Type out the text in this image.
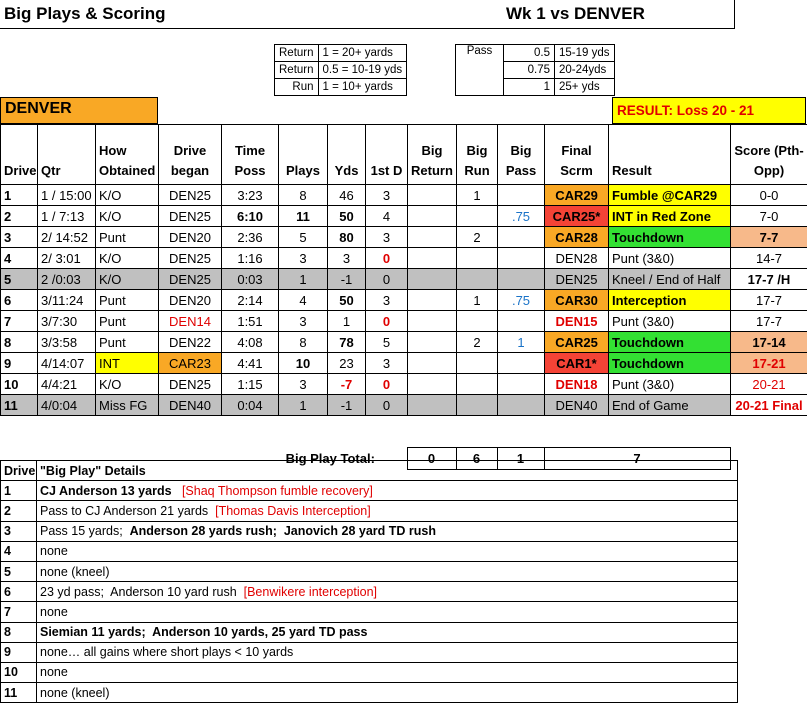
Big Plays & Scoring	Wk 1 vs DENVER
Return	1 = 20+ yards
Return	0.5 = 10-19 yds
Run	1 = 10+ yards
Pass	0.5	15-19 yds
	0.75	20-24yds
	1	25+ yds
DENVER	RESULT: Loss 20 - 21
Drive	Qtr	How Obtained	Drive began	Time Poss	Plays	Yds	1st D	Big Return	Big Run	Big Pass	Final Scrm	Result	Score (Pth-Opp)
1	1 / 15:00	K/O	DEN25	3:23	8	46	3		1		CAR29	Fumble @CAR29	0-0
2	1 / 7:13	K/O	DEN25	6:10	11	50	4			.75	CAR25*	INT in Red Zone	7-0
3	2/ 14:52	Punt	DEN20	2:36	5	80	3		2		CAR28	Touchdown	7-7
4	2/ 3:01	K/O	DEN25	1:16	3	3	0				DEN28	Punt (3&0)	14-7
5	2 /0:03	K/O	DEN25	0:03	1	-1	0				DEN25	Kneel / End of Half	17-7 /H
6	3/11:24	Punt	DEN20	2:14	4	50	3		1	.75	CAR30	Interception	17-7
7	3/7:30	Punt	DEN14	1:51	3	1	0				DEN15	Punt (3&0)	17-7
8	3/3:58	Punt	DEN22	4:08	8	78	5		2	1	CAR25	Touchdown	17-14
9	4/14:07	INT	CAR23	4:41	10	23	3				CAR1*	Touchdown	17-21
10	4/4:21	K/O	DEN25	1:15	3	-7	0				DEN18	Punt (3&0)	20-21
11	4/0:04	Miss FG	DEN40	0:04	1	-1	0				DEN40	End of Game	20-21 Final
Big Play Total:	0	6	1	7
Drive	"Big Play" Details
1	CJ Anderson 13 yards   [Shaq Thompson fumble recovery]
2	Pass to CJ Anderson 21 yards  [Thomas Davis Interception]
3	Pass 15 yards;  Anderson 28 yards rush;  Janovich 28 yard TD rush
4	none
5	none (kneel)
6	23 yd pass;  Anderson 10 yard rush  [Benwikere interception]
7	none
8	Siemian 11 yards;  Anderson 10 yards, 25 yard TD pass
9	none… all gains where short plays < 10 yards
10	none
11	none (kneel)
